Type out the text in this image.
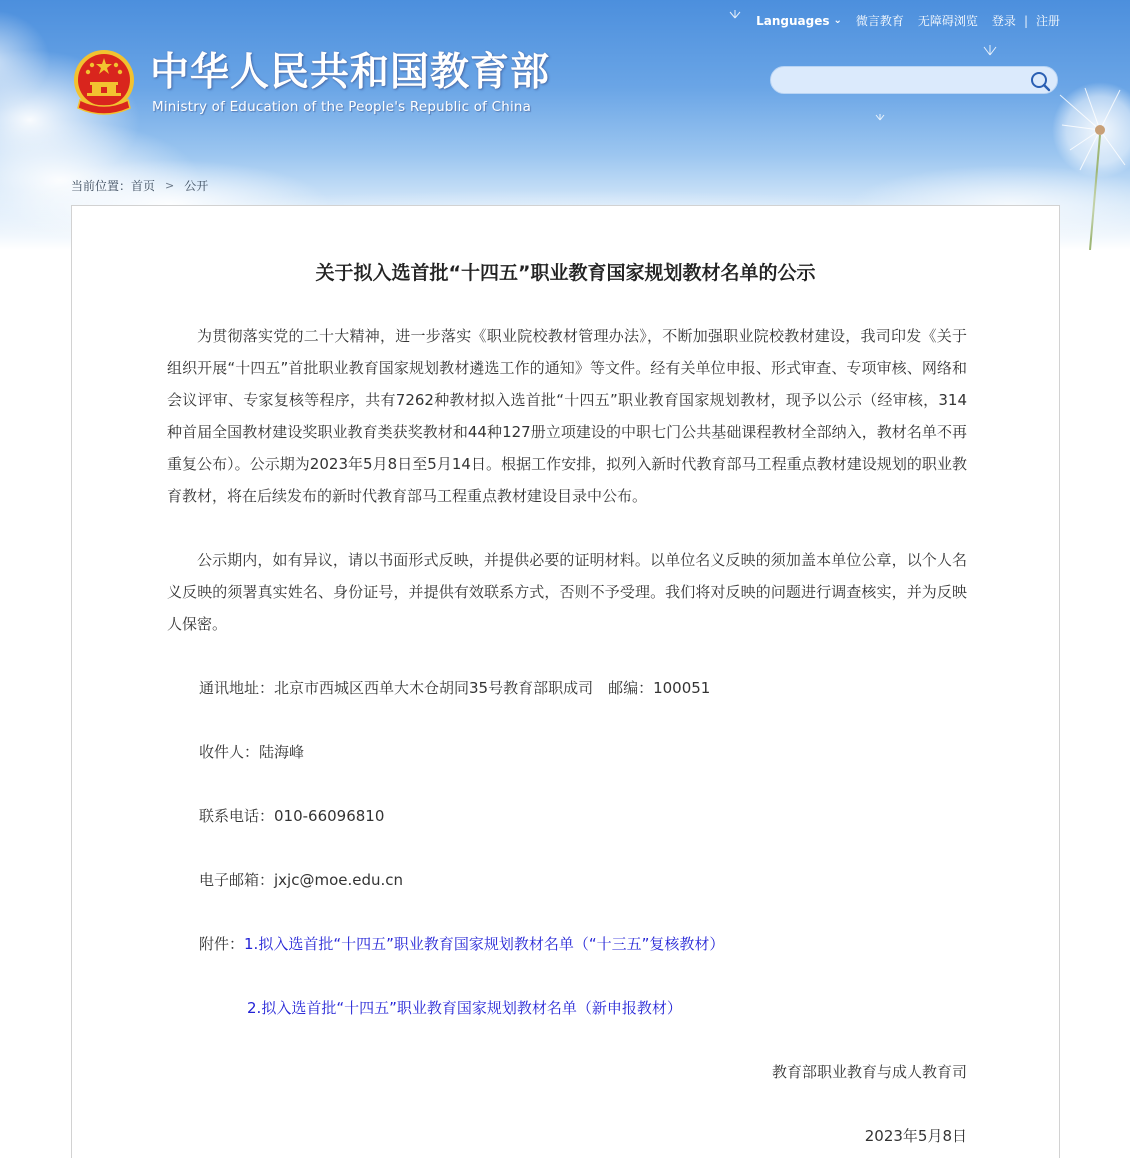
Languages ⌄ 微言教育 无障碍浏览 登录 | 注册
中华人民共和国教育部
Ministry of Education of the People's Republic of China
当前位置： 首页 > 公开
关于拟入选首批“十四五”职业教育国家规划教材名单的公示

为贯彻落实党的二十大精神，进一步落实《职业院校教材管理办法》，不断加强职业院校教材建设，我司印发《关于组织开展“十四五”首批职业教育国家规划教材遴选工作的通知》等文件。经有关单位申报、形式审查、专项审核、网络和会议评审、专家复核等程序，共有7262种教材拟入选首批“十四五”职业教育国家规划教材，现予以公示（经审核，314种首届全国教材建设奖职业教育类获奖教材和44种127册立项建设的中职七门公共基础课程教材全部纳入，教材名单不再重复公布）。公示期为2023年5月8日至5月14日。根据工作安排，拟列入新时代教育部马工程重点教材建设规划的职业教育教材，将在后续发布的新时代教育部马工程重点教材建设目录中公布。

公示期内，如有异议，请以书面形式反映，并提供必要的证明材料。以单位名义反映的须加盖本单位公章，以个人名义反映的须署真实姓名、身份证号，并提供有效联系方式，否则不予受理。我们将对反映的问题进行调查核实，并为反映人保密。

通讯地址：北京市西城区西单大木仓胡同35号教育部职成司　邮编：100051
收件人：陆海峰
联系电话：010-66096810
电子邮箱：jxjc@moe.edu.cn
附件：1.拟入选首批“十四五”职业教育国家规划教材名单（“十三五”复核教材）
2.拟入选首批“十四五”职业教育国家规划教材名单（新申报教材）
教育部职业教育与成人教育司
2023年5月8日
